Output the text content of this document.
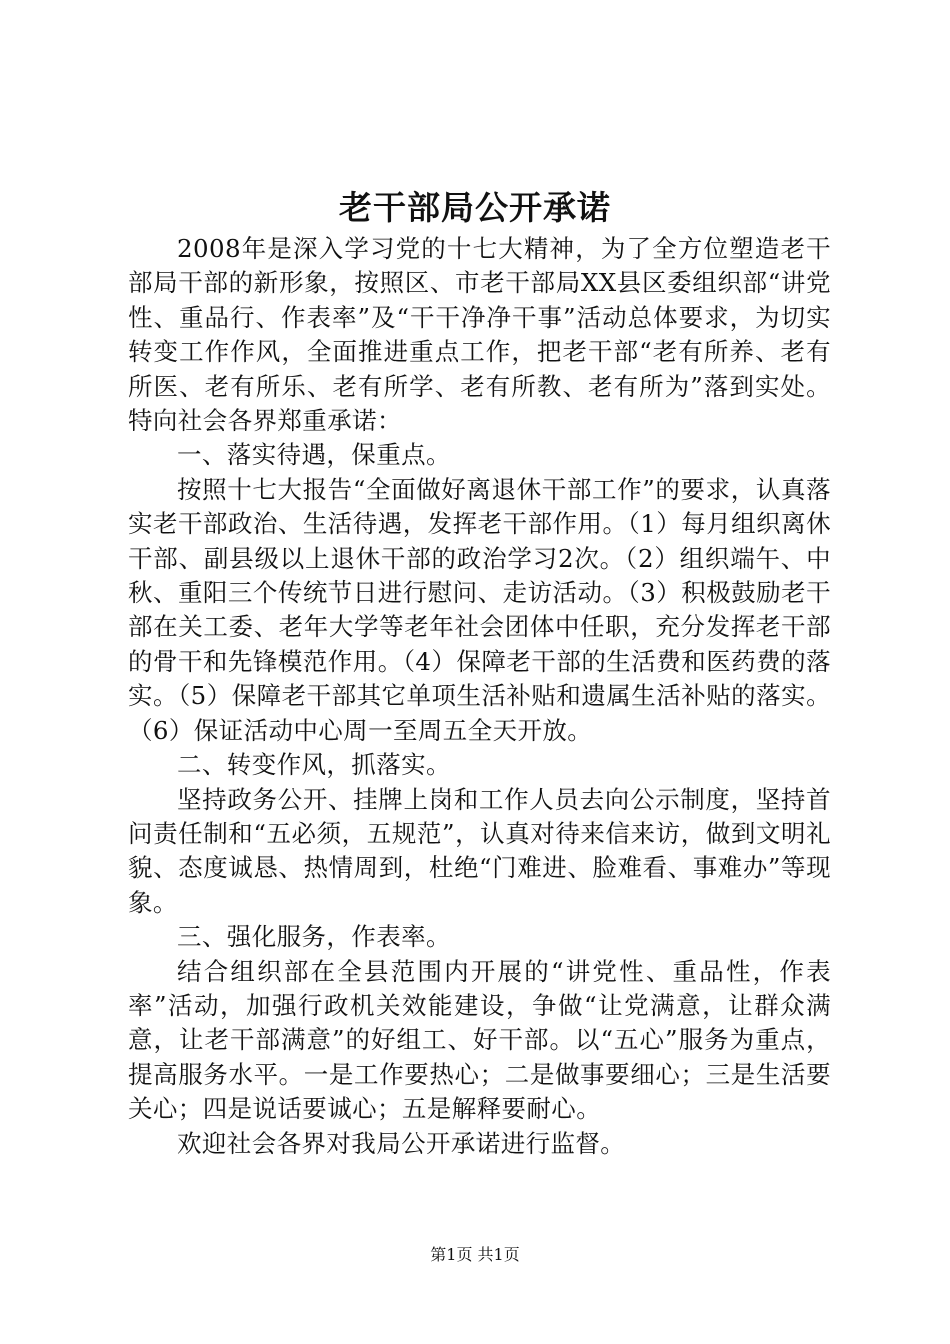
老干部局公开承诺

2008年是深入学习党的十七大精神，为了全方位塑造老干部局干部的新形象，按照区、市老干部局XX县区委组织部“讲党性、重品行、作表率”及“干干净净干事”活动总体要求，为切实转变工作作风，全面推进重点工作，把老干部“老有所养、老有所医、老有所乐、老有所学、老有所教、老有所为”落到实处。特向社会各界郑重承诺：

一、落实待遇，保重点。

按照十七大报告“全面做好离退休干部工作”的要求，认真落实老干部政治、生活待遇，发挥老干部作用。（1）每月组织离休干部、副县级以上退休干部的政治学习2次。（2）组织端午、中秋、重阳三个传统节日进行慰问、走访活动。（3）积极鼓励老干部在关工委、老年大学等老年社会团体中任职，充分发挥老干部的骨干和先锋模范作用。（4）保障老干部的生活费和医药费的落实。（5）保障老干部其它单项生活补贴和遗属生活补贴的落实。（6）保证活动中心周一至周五全天开放。

二、转变作风，抓落实。

坚持政务公开、挂牌上岗和工作人员去向公示制度，坚持首问责任制和“五必须，五规范”，认真对待来信来访，做到文明礼貌、态度诚恳、热情周到，杜绝“门难进、脸难看、事难办”等现象。

三、强化服务，作表率。

结合组织部在全县范围内开展的“讲党性、重品性，作表率”活动，加强行政机关效能建设，争做“让党满意，让群众满意，让老干部满意”的好组工、好干部。以“五心”服务为重点，提高服务水平。一是工作要热心；二是做事要细心；三是生活要关心；四是说话要诚心；五是解释要耐心。

欢迎社会各界对我局公开承诺进行监督。

第1页 共1页
